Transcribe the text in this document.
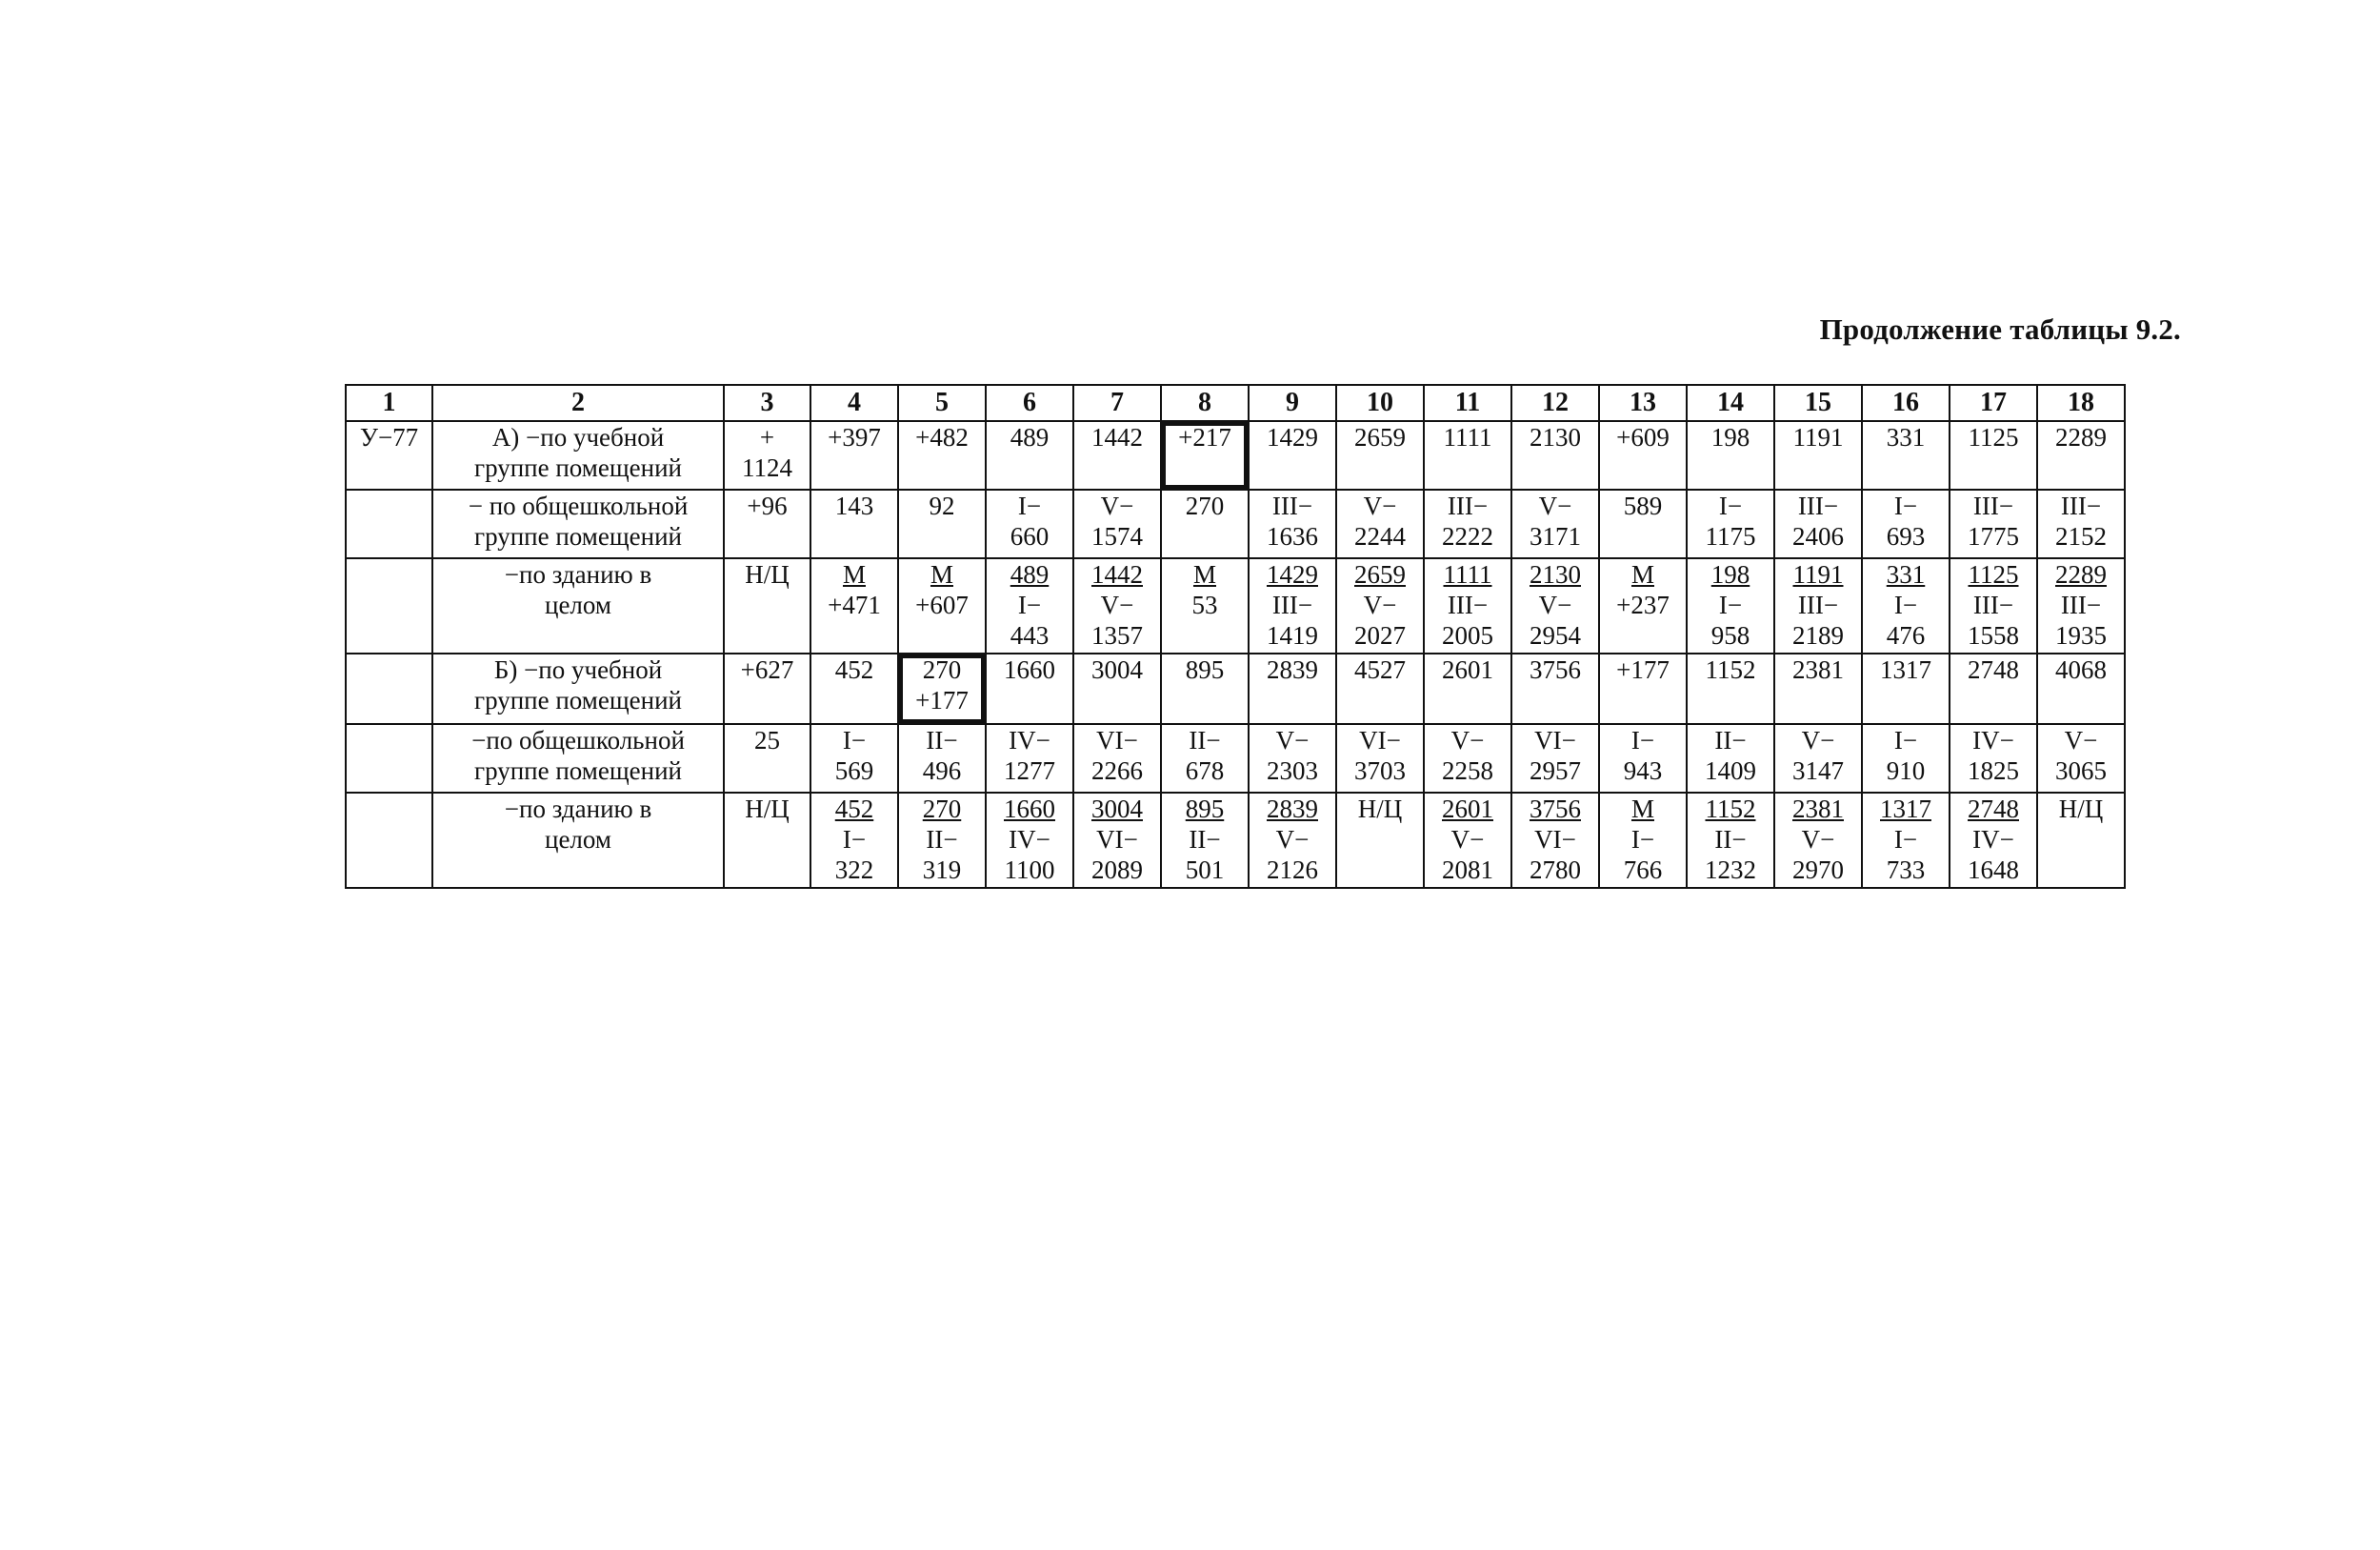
Продолжение таблицы 9.2.
1	2	3	4	5	6	7	8	9	10	11	12	13	14	15	16	17	18

У−77	А) −по учебной
группе помещений	+
1124	+397	+482	489	1442	+217	1429	2659	1111	2130	+609	198	1191	331	1125	2289

	− по общешкольной
группе помещений	+96	143	92	I−
660	V−
1574	270	III−
1636	V−
2244	III−
2222	V−
3171	589	I−
1175	III−
2406	I−
693	III−
1775	III−
2152

	−по зданию в
целом	Н/Ц	М
+471	М
+607	489
I−
443	1442
V−
1357	М
53	1429
III−
1419	2659
V−
2027	1111
III−
2005	2130
V−
2954	М
+237	198
I−
958	1191
III−
2189	331
I−
476	1125
III−
1558	2289
III−
1935

	Б) −по учебной
группе помещений	+627	452	270
+177	1660	3004	895	2839	4527	2601	3756	+177	1152	2381	1317	2748	4068

	−по общешкольной
группе помещений	25	I−
569	II−
496	IV−
1277	VI−
2266	II−
678	V−
2303	VI−
3703	V−
2258	VI−
2957	I−
943	II−
1409	V−
3147	I−
910	IV−
1825	V−
3065

	−по зданию в
целом	Н/Ц	452
I−
322	270
II−
319	1660
IV−
1100	3004
VI−
2089	895
II−
501	2839
V−
2126	Н/Ц	2601
V−
2081	3756
VI−
2780	М
I−
766	1152
II−
1232	2381
V−
2970	1317
I−
733	2748
IV−
1648	Н/Ц
